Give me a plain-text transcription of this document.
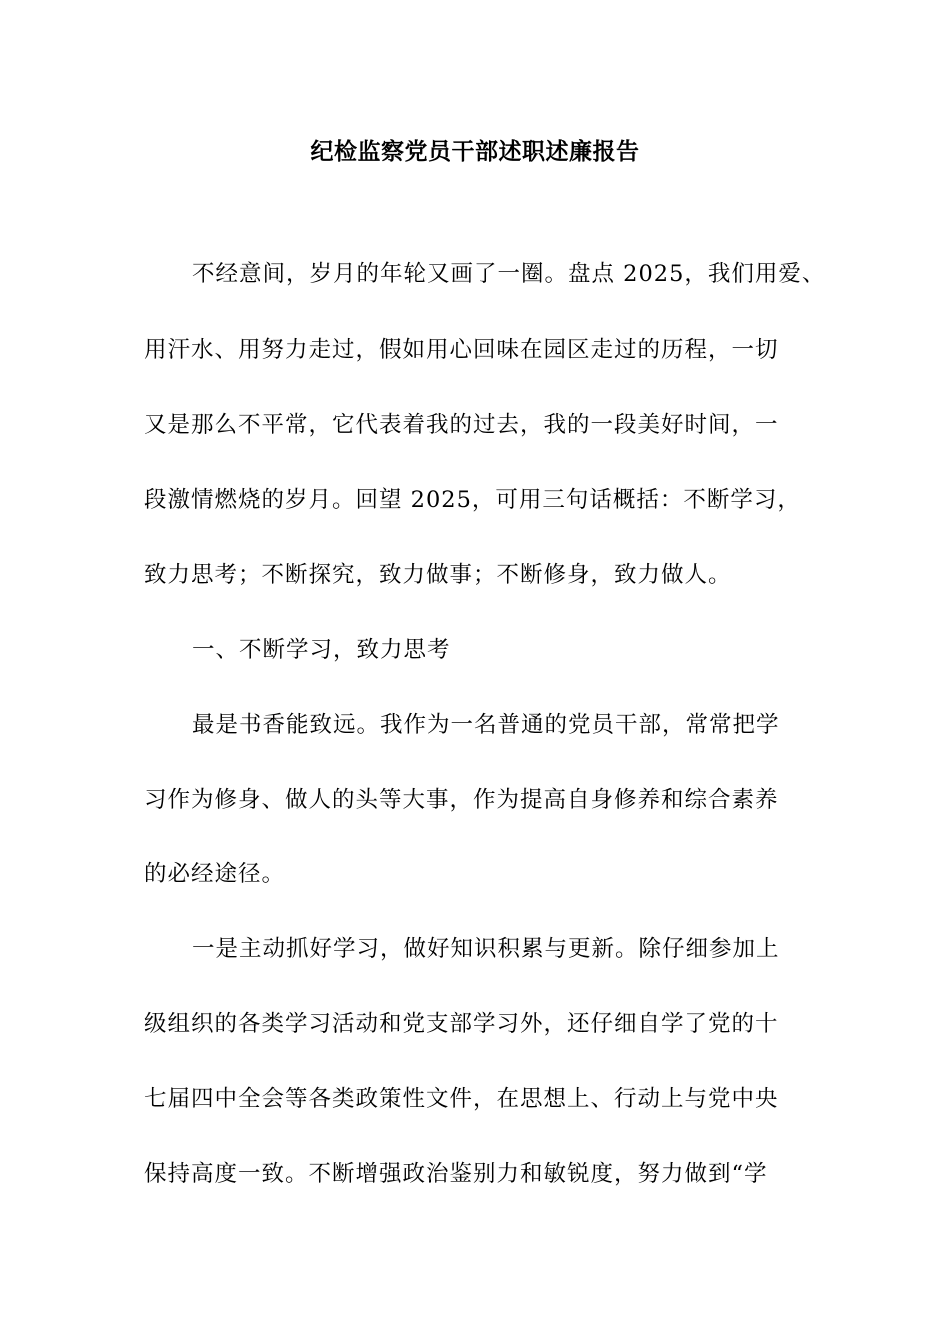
纪检监察党员干部述职述廉报告
不经意间，岁月的年轮又画了一圈。盘点 2025，我们用爱、
用汗水、用努力走过，假如用心回味在园区走过的历程，一切
又是那么不平常，它代表着我的过去，我的一段美好时间，一
段激情燃烧的岁月。回望 2025，可用三句话概括：不断学习，
致力思考；不断探究，致力做事；不断修身，致力做人。
一、不断学习，致力思考
最是书香能致远。我作为一名普通的党员干部，常常把学
习作为修身、做人的头等大事，作为提高自身修养和综合素养
的必经途径。
一是主动抓好学习，做好知识积累与更新。除仔细参加上
级组织的各类学习活动和党支部学习外，还仔细自学了党的十
七届四中全会等各类政策性文件，在思想上、行动上与党中央
保持高度一致。不断增强政治鉴别力和敏锐度，努力做到“学
